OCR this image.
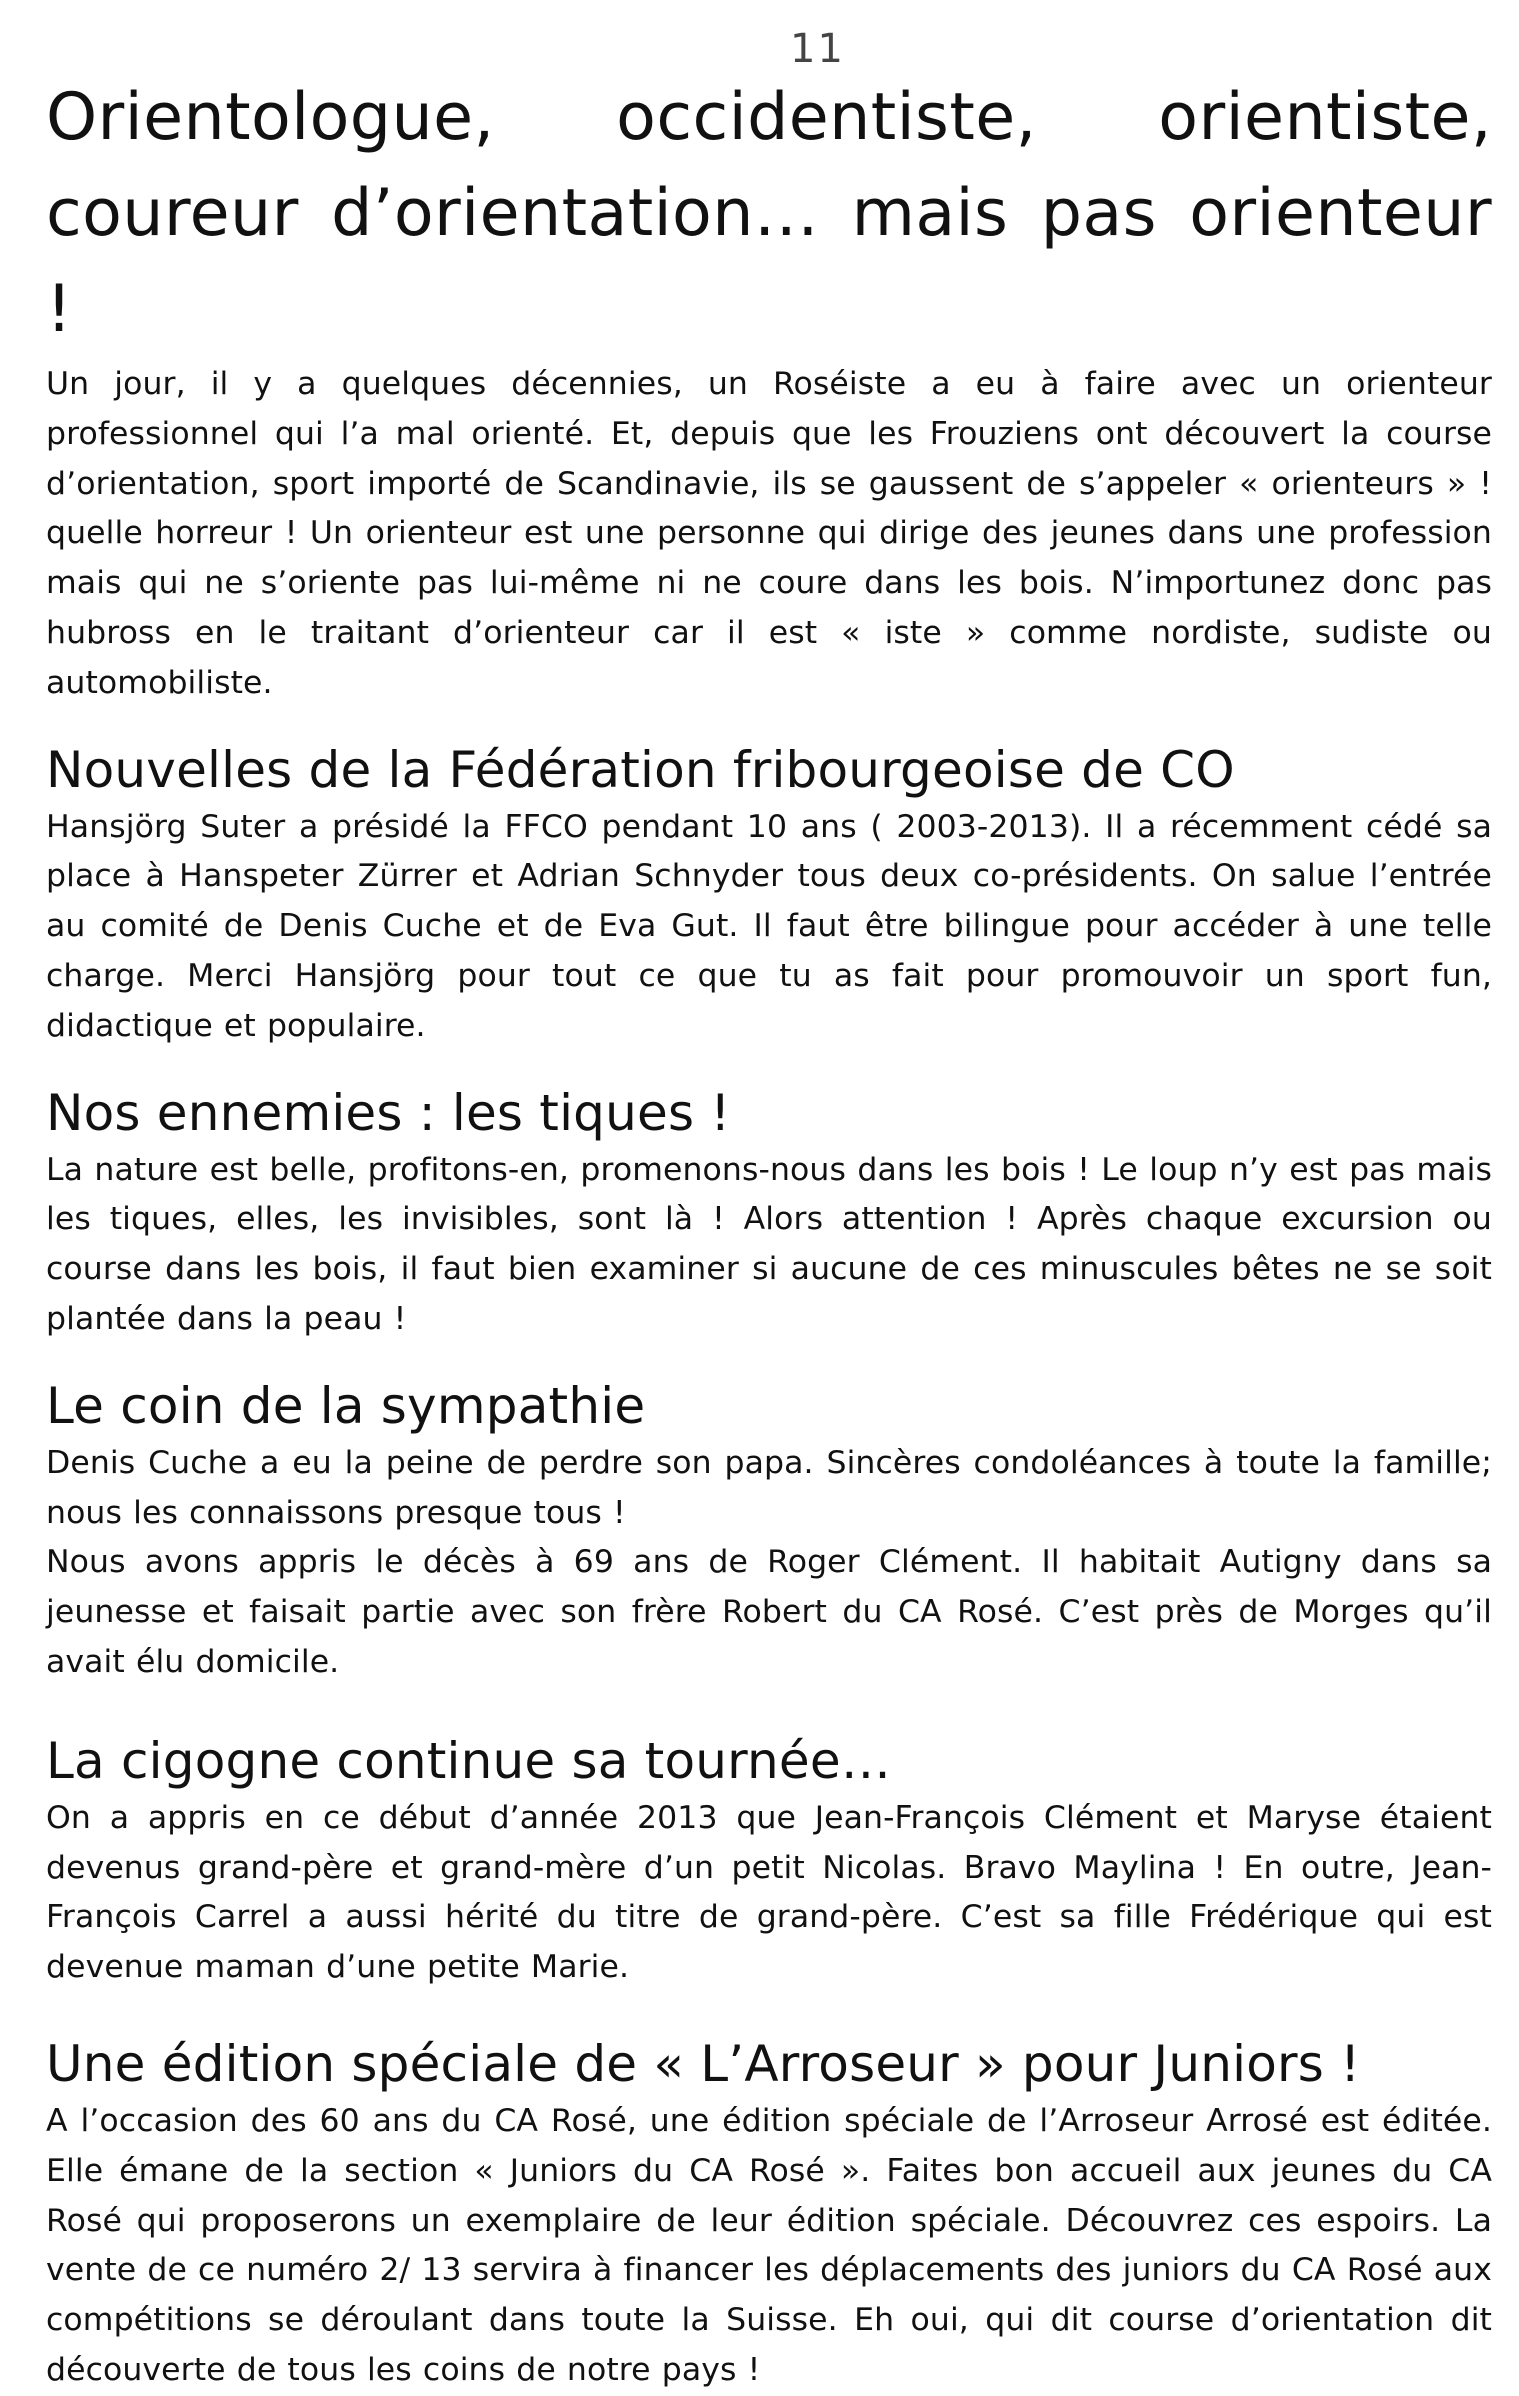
11
Orientologue, occidentiste, orientiste, coureur d’orientation… mais pas orienteur !

Un jour, il y a quelques décennies, un Roséiste a eu à faire avec un orienteur professionnel qui l’a mal orienté. Et, depuis que les Frouziens ont découvert la course d’orientation, sport importé de Scandinavie, ils se gaussent de s’appeler « orienteurs » ! quelle horreur ! Un orienteur est une personne qui dirige des jeunes dans une profession mais qui ne s’oriente pas lui-même ni ne coure dans les bois. N’importunez donc pas hubross en le traitant d’orienteur car il est « iste » comme nordiste, sudiste ou automobiliste.

Nouvelles de la Fédération fribourgeoise de CO

Hansjörg Suter a présidé la FFCO pendant 10 ans ( 2003-2013). Il a récemment cédé sa place à Hanspeter Zürrer et Adrian Schnyder tous deux co-présidents. On salue l’entrée au comité de Denis Cuche et de Eva Gut. Il faut être bilingue pour accéder à une telle charge. Merci Hansjörg pour tout ce que tu as fait pour promouvoir un sport fun, didactique et populaire.

Nos ennemies : les tiques !

La nature est belle, profitons-en, promenons-nous dans les bois ! Le loup n’y est pas mais les tiques, elles, les invisibles, sont là ! Alors attention ! Après chaque excursion ou course dans les bois, il faut bien examiner si aucune de ces minuscules bêtes ne se soit plantée dans la peau !

Le coin de la sympathie

Denis Cuche a eu la peine de perdre son papa. Sincères condoléances à toute la famille; nous les connaissons presque tous !

Nous avons appris le décès à 69 ans de Roger Clément. Il habitait Autigny dans sa jeunesse et faisait partie avec son frère Robert du CA Rosé. C’est près de Morges qu’il avait élu domicile.

La cigogne continue sa tournée…

On a appris en ce début d’année 2013 que Jean-François Clément et Maryse étaient devenus grand-père et grand-mère d’un petit Nicolas. Bravo Maylina ! En outre, Jean-François Carrel a aussi hérité du titre de grand-père. C’est sa fille Frédérique qui est devenue maman d’une petite Marie.

Une édition spéciale de « L’Arroseur » pour Juniors !

A l’occasion des 60 ans du CA Rosé, une édition spéciale de l’Arroseur Arrosé est éditée. Elle émane de la section « Juniors du CA Rosé ». Faites bon accueil aux jeunes du CA Rosé qui proposerons un exemplaire de leur édition spéciale. Découvrez ces espoirs. La vente de ce numéro 2/ 13 servira à financer les déplacements des juniors du CA Rosé aux compétitions se déroulant dans toute la Suisse. Eh oui, qui dit course d’orientation dit découverte de tous les coins de notre pays !
